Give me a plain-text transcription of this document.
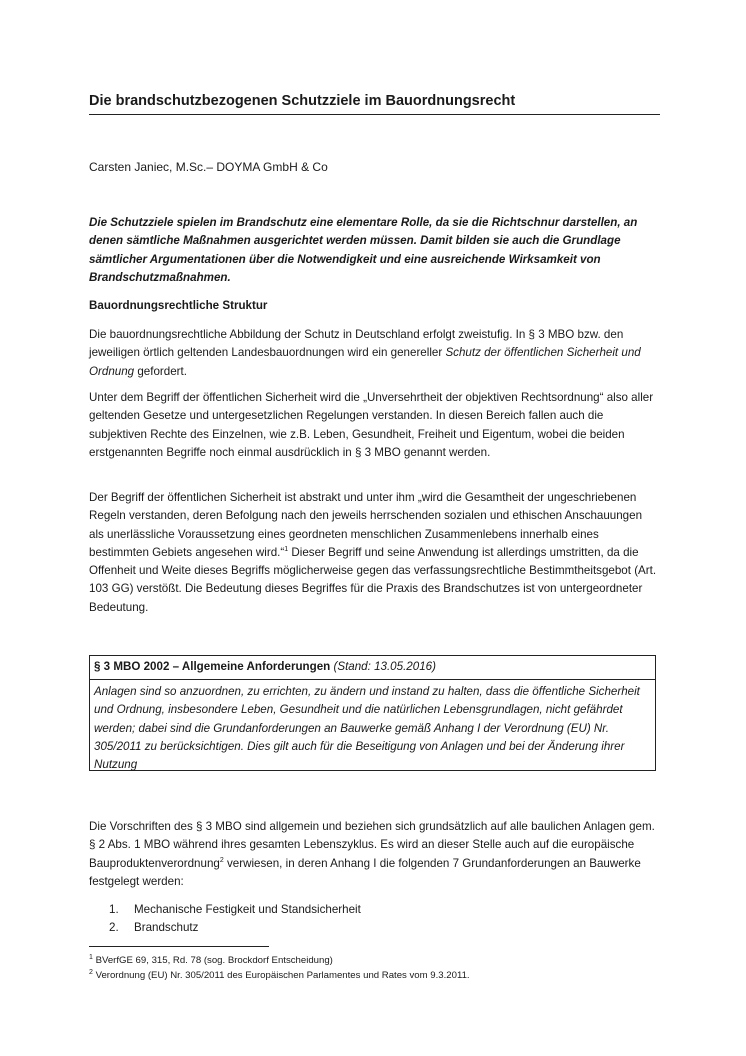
Die brandschutzbezogenen Schutzziele im Bauordnungsrecht
Carsten Janiec, M.Sc.– DOYMA GmbH & Co

Die Schutzziele spielen im Brandschutz eine elementare Rolle, da sie die Richtschnur darstellen, an denen sämtliche Maßnahmen ausgerichtet werden müssen. Damit bilden sie auch die Grundlage sämtlicher Argumentationen über die Notwendigkeit und eine ausreichende Wirksamkeit von Brandschutzmaßnahmen.

Bauordnungsrechtliche Struktur

Die bauordnungsrechtliche Abbildung der Schutz in Deutschland erfolgt zweistufig. In § 3 MBO bzw. den jeweiligen örtlich geltenden Landesbauordnungen wird ein genereller Schutz der öffentlichen Sicherheit und Ordnung gefordert.

Unter dem Begriff der öffentlichen Sicherheit wird die „Unversehrtheit der objektiven Rechtsordnung“ also aller geltenden Gesetze und untergesetzlichen Regelungen verstanden. In diesen Bereich fallen auch die subjektiven Rechte des Einzelnen, wie z.B. Leben, Gesundheit, Freiheit und Eigentum, wobei die beiden erstgenannten Begriffe noch einmal ausdrücklich in § 3 MBO genannt werden.

Der Begriff der öffentlichen Sicherheit ist abstrakt und unter ihm „wird die Gesamtheit der ungeschriebenen Regeln verstanden, deren Befolgung nach den jeweils herrschenden sozialen und ethischen Anschauungen als unerlässliche Voraussetzung eines geordneten menschlichen Zusammenlebens innerhalb eines bestimmten Gebiets angesehen wird.“$^1$ Dieser Begriff und seine Anwendung ist allerdings umstritten, da die Offenheit und Weite dieses Begriffs möglicherweise gegen das verfassungsrechtliche Bestimmtheitsgebot (Art. 103 GG) verstößt. Die Bedeutung dieses Begriffes für die Praxis des Brandschutzes ist von untergeordneter Bedeutung.

§ 3 MBO 2002 – Allgemeine Anforderungen (Stand: 13.05.2016)
Anlagen sind so anzuordnen, zu errichten, zu ändern und instand zu halten, dass die öffentliche Sicherheit und Ordnung, insbesondere Leben, Gesundheit und die natürlichen Lebensgrundlagen, nicht gefährdet werden; dabei sind die Grundanforderungen an Bauwerke gemäß Anhang I der Verordnung (EU) Nr. 305/2011 zu berücksichtigen. Dies gilt auch für die Beseitigung von Anlagen und bei der Änderung ihrer Nutzung

Die Vorschriften des § 3 MBO sind allgemein und beziehen sich grundsätzlich auf alle baulichen Anlagen gem. § 2 Abs. 1 MBO während ihres gesamten Lebenszyklus. Es wird an dieser Stelle auch auf die europäische Bauproduktenverordnung$^2$ verwiesen, in deren Anhang I die folgenden 7 Grundanforderungen an Bauwerke festgelegt werden:

1.	Mechanische Festigkeit und Standsicherheit
2.	Brandschutz
$^1$ BVerfGE 69, 315, Rd. 78 (sog. Brockdorf Entscheidung)
$^2$ Verordnung (EU) Nr. 305/2011 des Europäischen Parlamentes und Rates vom 9.3.2011.
